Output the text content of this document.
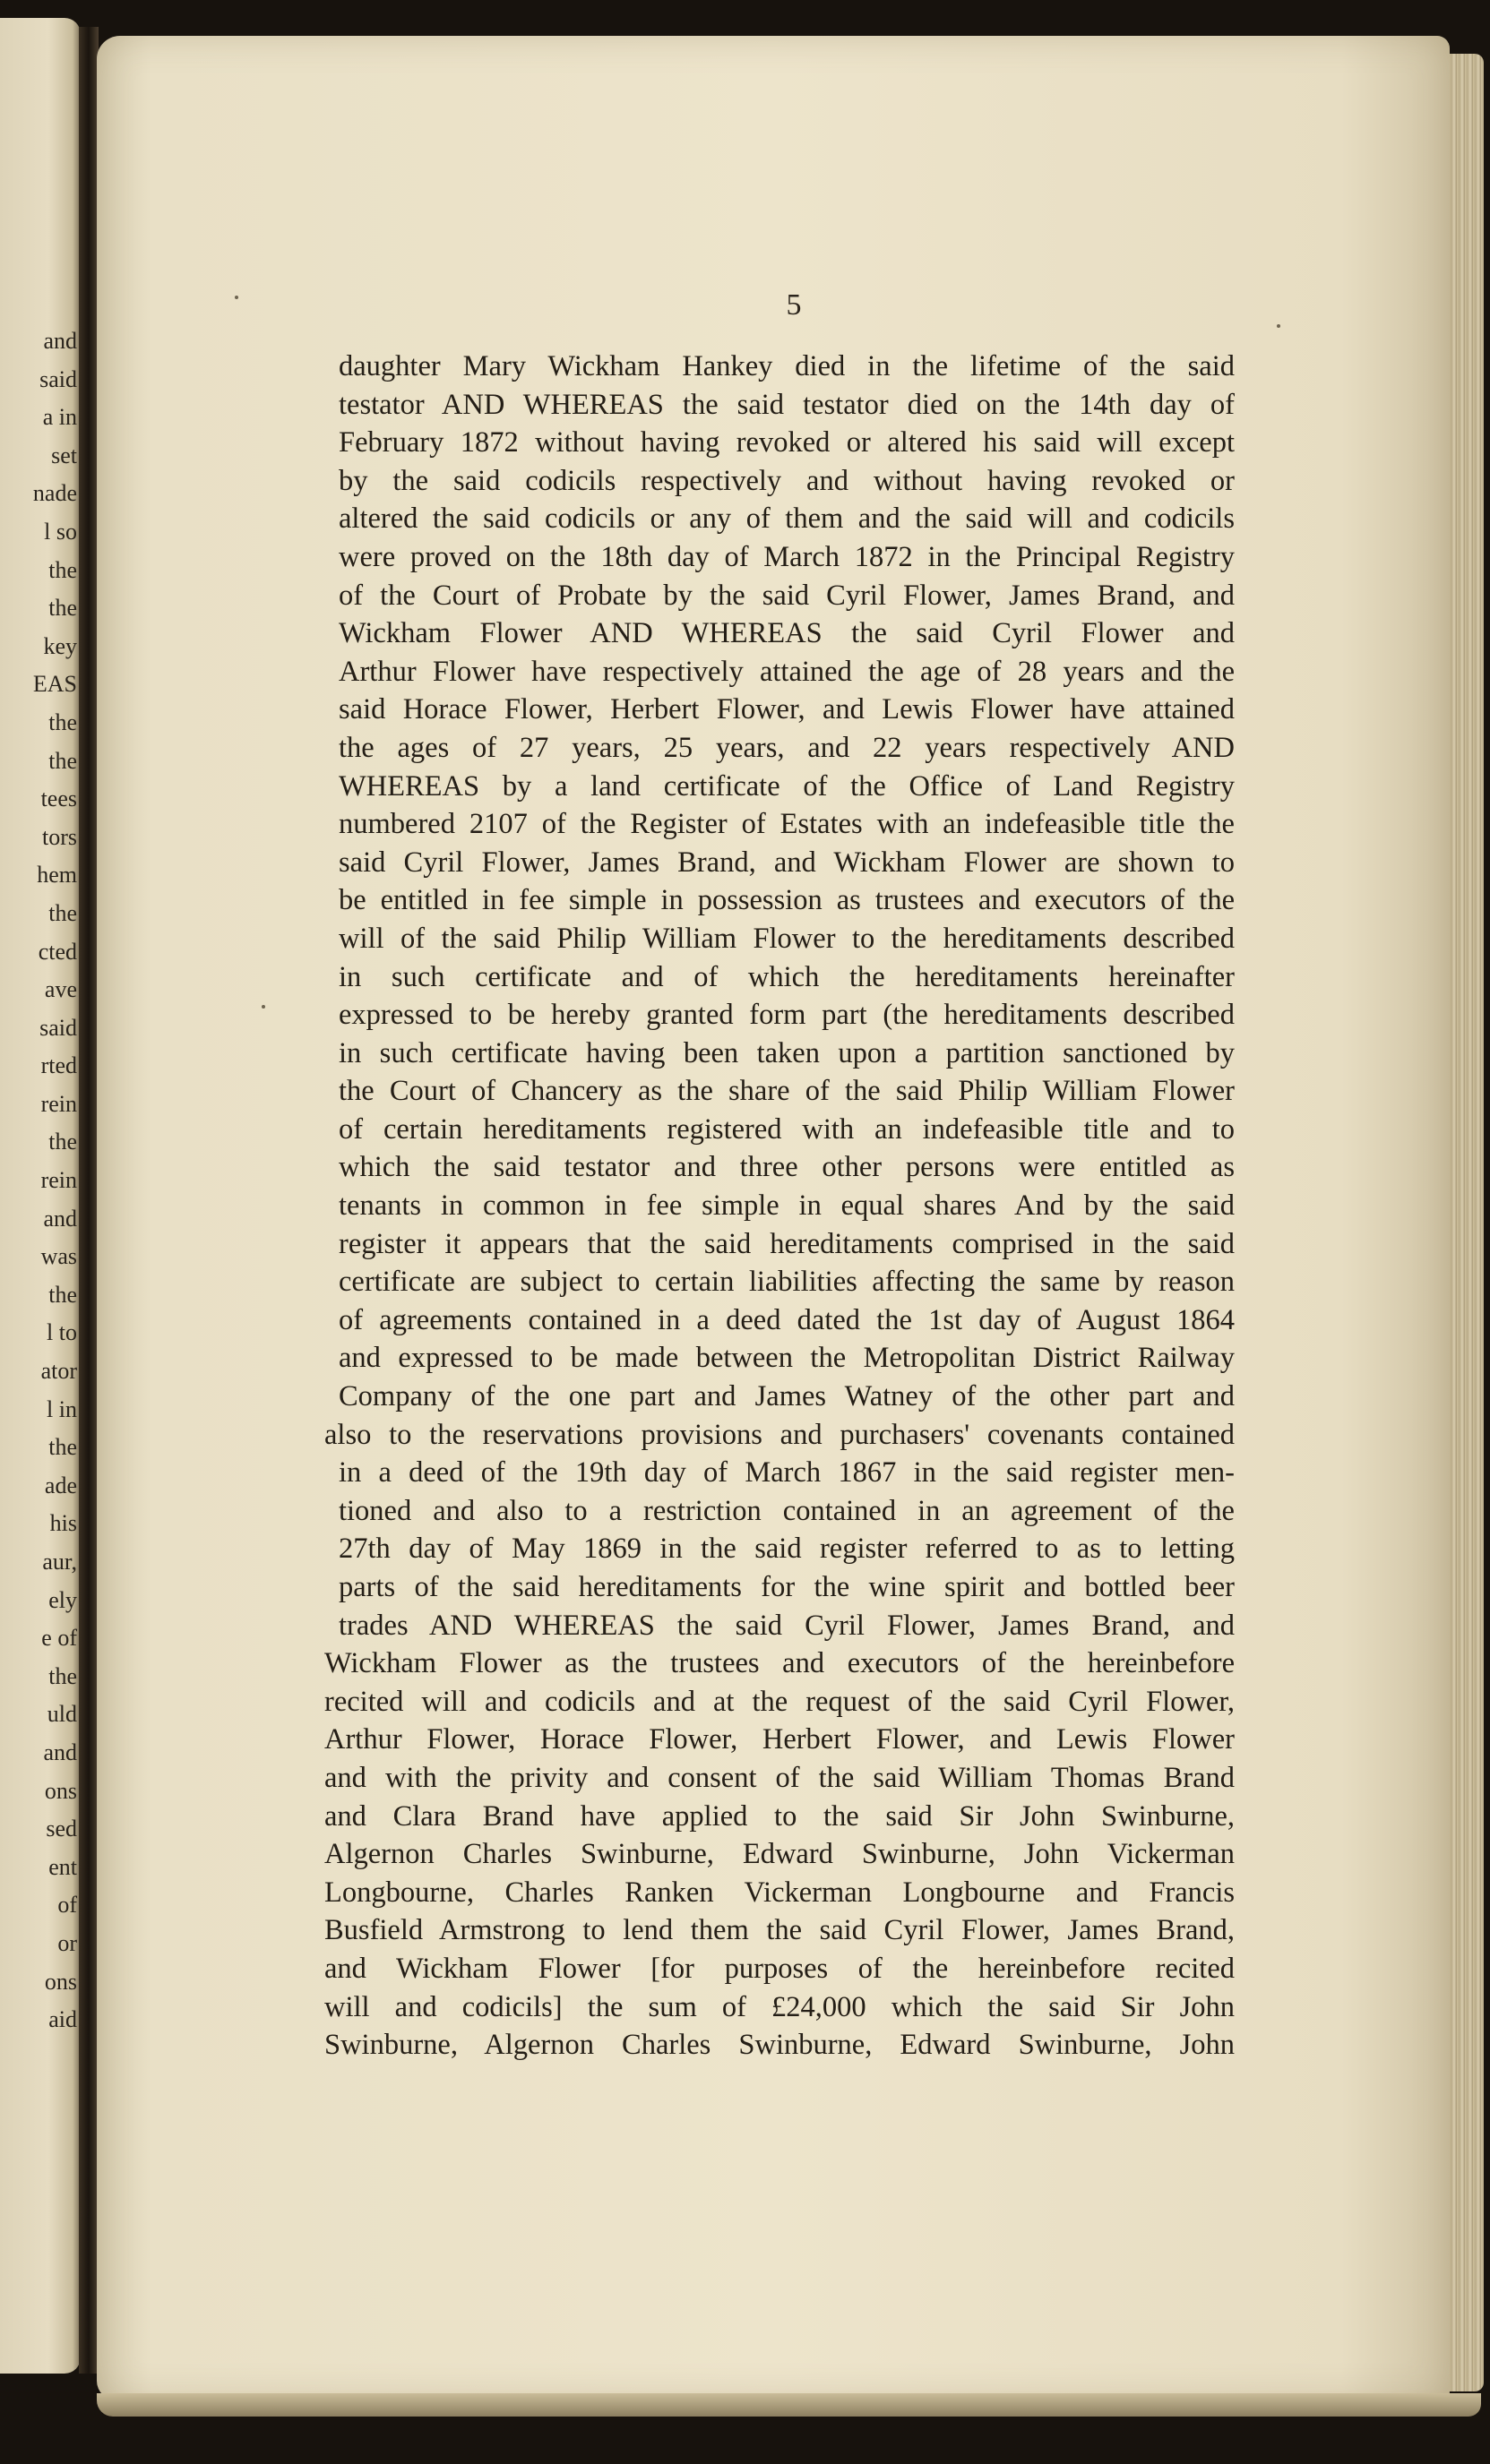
and
said
a in
set
nade
l so
the
the
key
EAS
the
the
tees
tors
hem
the
cted
ave
said
rted
rein
the
rein
and
was
the
l to
ator
l in
the
ade
his
aur,
ely
e of
the
uld
and
ons
sed
ent
of
or
ons
aid
5
daughter Mary Wickham Hankey died in the lifetime of the said
testator AND WHEREAS the said testator died on the 14th day of
February 1872 without having revoked or altered his said will except
by the said codicils respectively and without having revoked or
altered the said codicils or any of them and the said will and codicils
were proved on the 18th day of March 1872 in the Principal Registry
of the Court of Probate by the said Cyril Flower, James Brand, and
Wickham Flower AND WHEREAS the said Cyril Flower and
Arthur Flower have respectively attained the age of 28 years and the
said Horace Flower, Herbert Flower, and Lewis Flower have attained
the ages of 27 years, 25 years, and 22 years respectively AND
WHEREAS by a land certificate of the Office of Land Registry
numbered 2107 of the Register of Estates with an indefeasible title the
said Cyril Flower, James Brand, and Wickham Flower are shown to
be entitled in fee simple in possession as trustees and executors of the
will of the said Philip William Flower to the hereditaments described
in such certificate and of which the hereditaments hereinafter
expressed to be hereby granted form part (the hereditaments described
in such certificate having been taken upon a partition sanctioned by
the Court of Chancery as the share of the said Philip William Flower
of certain hereditaments registered with an indefeasible title and to
which the said testator and three other persons were entitled as
tenants in common in fee simple in equal shares And by the said
register it appears that the said hereditaments comprised in the said
certificate are subject to certain liabilities affecting the same by reason
of agreements contained in a deed dated the 1st day of August 1864
and expressed to be made between the Metropolitan District Railway
Company of the one part and James Watney of the other part and
also to the reservations provisions and purchasers' covenants contained
in a deed of the 19th day of March 1867 in the said register men-
tioned and also to a restriction contained in an agreement of the
27th day of May 1869 in the said register referred to as to letting
parts of the said hereditaments for the wine spirit and bottled beer
trades AND WHEREAS the said Cyril Flower, James Brand, and
Wickham Flower as the trustees and executors of the hereinbefore
recited will and codicils and at the request of the said Cyril Flower,
Arthur Flower, Horace Flower, Herbert Flower, and Lewis Flower
and with the privity and consent of the said William Thomas Brand
and Clara Brand have applied to the said Sir John Swinburne,
Algernon Charles Swinburne, Edward Swinburne, John Vickerman
Longbourne, Charles Ranken Vickerman Longbourne and Francis
Busfield Armstrong to lend them the said Cyril Flower, James Brand,
and Wickham Flower [for purposes of the hereinbefore recited
will and codicils] the sum of £24,000 which the said Sir John
Swinburne, Algernon Charles Swinburne, Edward Swinburne, John
